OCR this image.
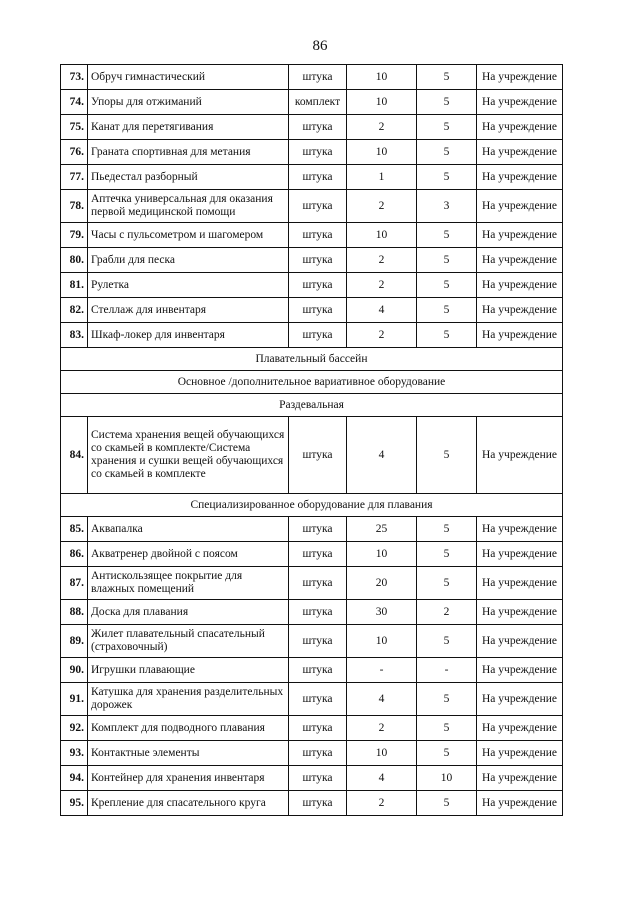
86
73.	Обруч гимнастический	штука	10	5	На учреждение
74.	Упоры для отжиманий	комплект	10	5	На учреждение
75.	Канат для перетягивания	штука	2	5	На учреждение
76.	Граната спортивная для метания	штука	10	5	На учреждение
77.	Пьедестал разборный	штука	1	5	На учреждение
78.	Аптечка универсальная для оказания первой медицинской помощи	штука	2	3	На учреждение
79.	Часы с пульсометром и шагомером	штука	10	5	На учреждение
80.	Грабли для песка	штука	2	5	На учреждение
81.	Рулетка	штука	2	5	На учреждение
82.	Стеллаж для инвентаря	штука	4	5	На учреждение
83.	Шкаф-локер для инвентаря	штука	2	5	На учреждение
Плавательный бассейн					
Основное /дополнительное вариативное оборудование					
Раздевальная					
84.	Система хранения вещей обучающихся со скамьей в комплекте/Система хранения и сушки вещей обучающихся со скамьей в комплекте	штука	4	5	На учреждение
Специализированное оборудование для плавания					
85.	Аквапалка	штука	25	5	На учреждение
86.	Акватренер двойной с поясом	штука	10	5	На учреждение
87.	Антискользящее покрытие для влажных помещений	штука	20	5	На учреждение
88.	Доска для плавания	штука	30	2	На учреждение
89.	Жилет плавательный спасательный (страховочный)	штука	10	5	На учреждение
90.	Игрушки плавающие	штука	-	-	На учреждение
91.	Катушка для хранения разделительных дорожек	штука	4	5	На учреждение
92.	Комплект для подводного плавания	штука	2	5	На учреждение
93.	Контактные элементы	штука	10	5	На учреждение
94.	Контейнер для хранения инвентаря	штука	4	10	На учреждение
95.	Крепление для спасательного круга	штука	2	5	На учреждение
